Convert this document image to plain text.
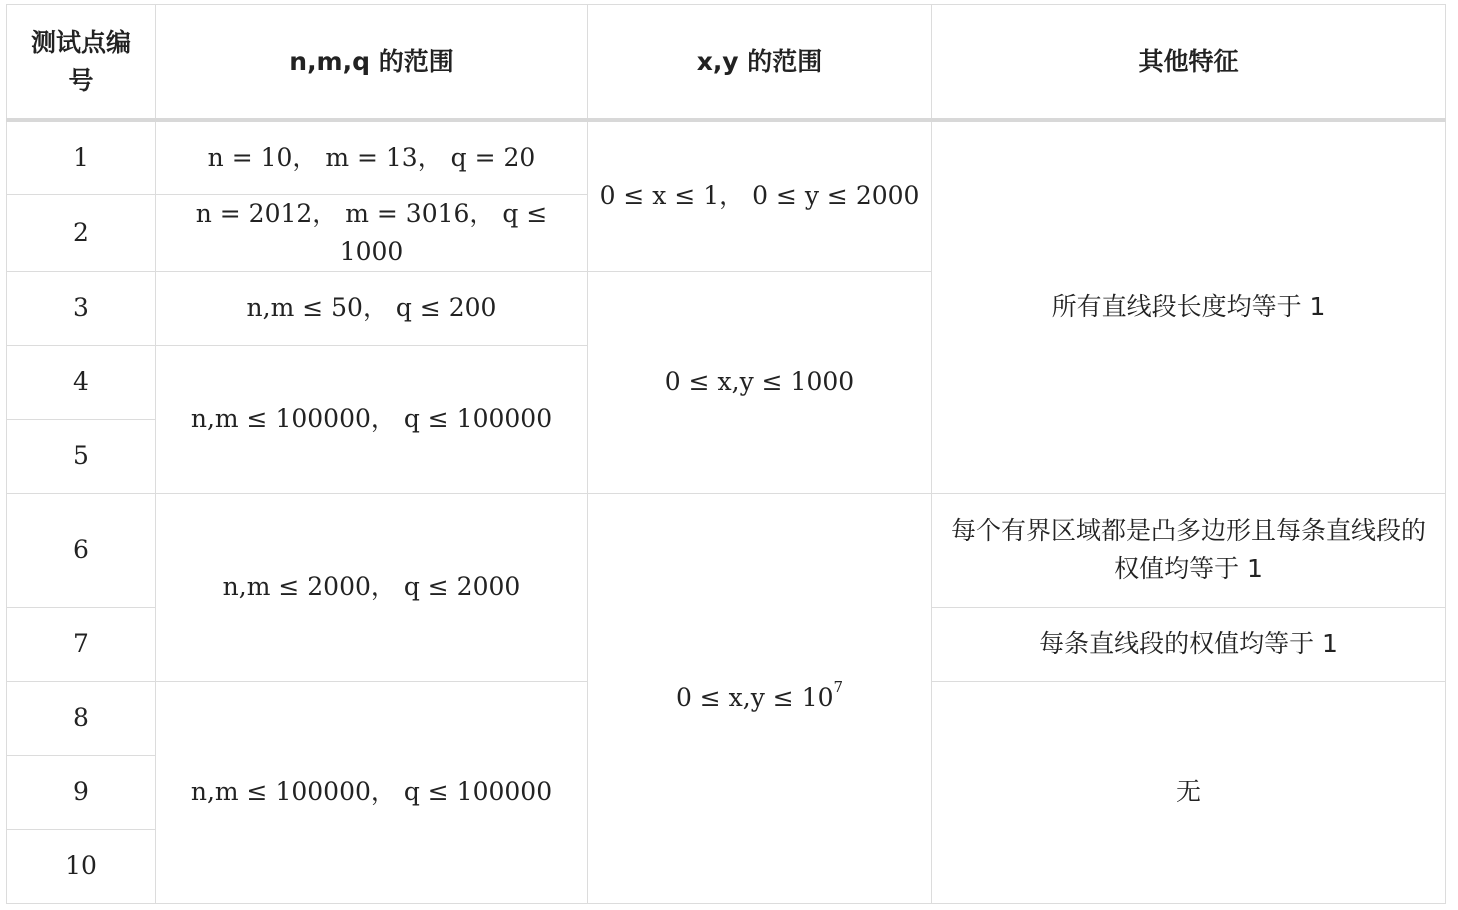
测试点编号	n,m,q 的范围	x,y 的范围	其他特征
1	n = 10， m = 13， q = 20	0 ≤ x ≤ 1， 0 ≤ y ≤ 2000	所有直线段长度均等于 1
2	n = 2012， m = 3016， q ≤ 1000		
3	n,m ≤ 50， q ≤ 200	0 ≤ x,y ≤ 1000	
4	n,m ≤ 100000， q ≤ 100000		
5			
6	n,m ≤ 2000， q ≤ 2000	$0 \le x,y \le 10^7$	每个有界区域都是凸多边形且每条直线段的权值均等于 1
7			每条直线段的权值均等于 1
8	n,m ≤ 100000， q ≤ 100000		无
9			
10			
